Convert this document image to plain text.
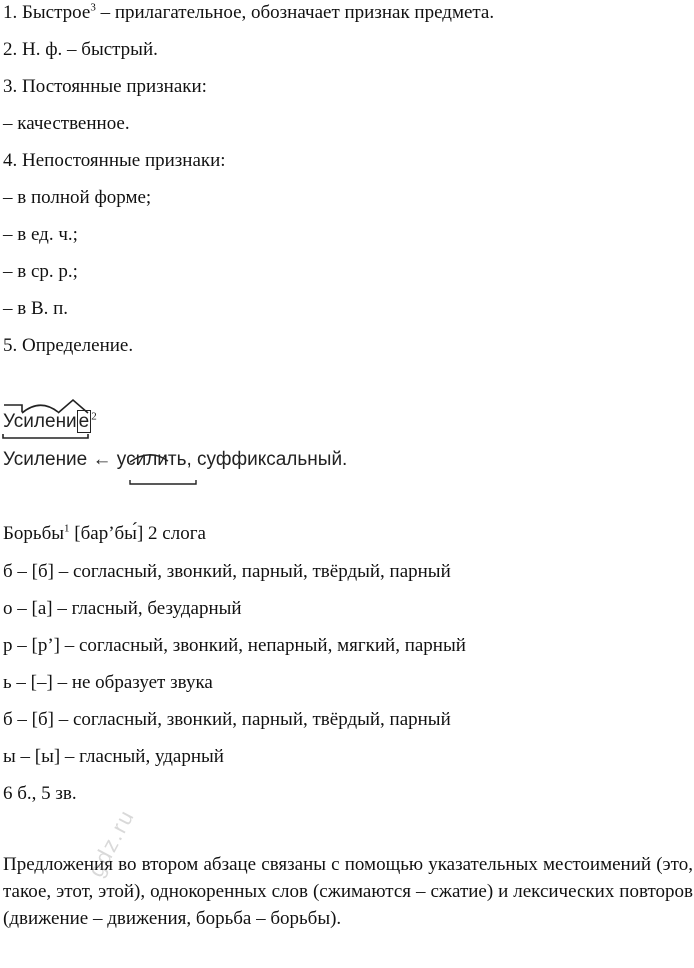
1. Быстрое$^3$ – прилагательное, обозначает признак предмета.
2. Н. ф. – быстрый.
3. Постоянные признаки:
– качественное.
4. Непостоянные признаки:
– в полной форме;
– в ед. ч.;
– в ср. р.;
– в В. п.
5. Определение.
Усилени е $^2$
Усиление ← усилить, суффиксальный.
Борьбы$^1$ [бар’бы́] 2 слога
б – [б] – согласный, звонкий, парный, твёрдый, парный
о – [а] – гласный, безударный
р – [р’] – согласный, звонкий, непарный, мягкий, парный
ь – [–] – не образует звука
б – [б] – согласный, звонкий, парный, твёрдый, парный
ы – [ы] – гласный, ударный
6 б., 5 зв.
Предложения во втором абзаце связаны с помощью указательных местоимений (это, такое, этот, этой), однокоренных слов (сжимаются – сжатие) и лексических повторов (движение – движения, борьба – борьбы).
gdz.ru
